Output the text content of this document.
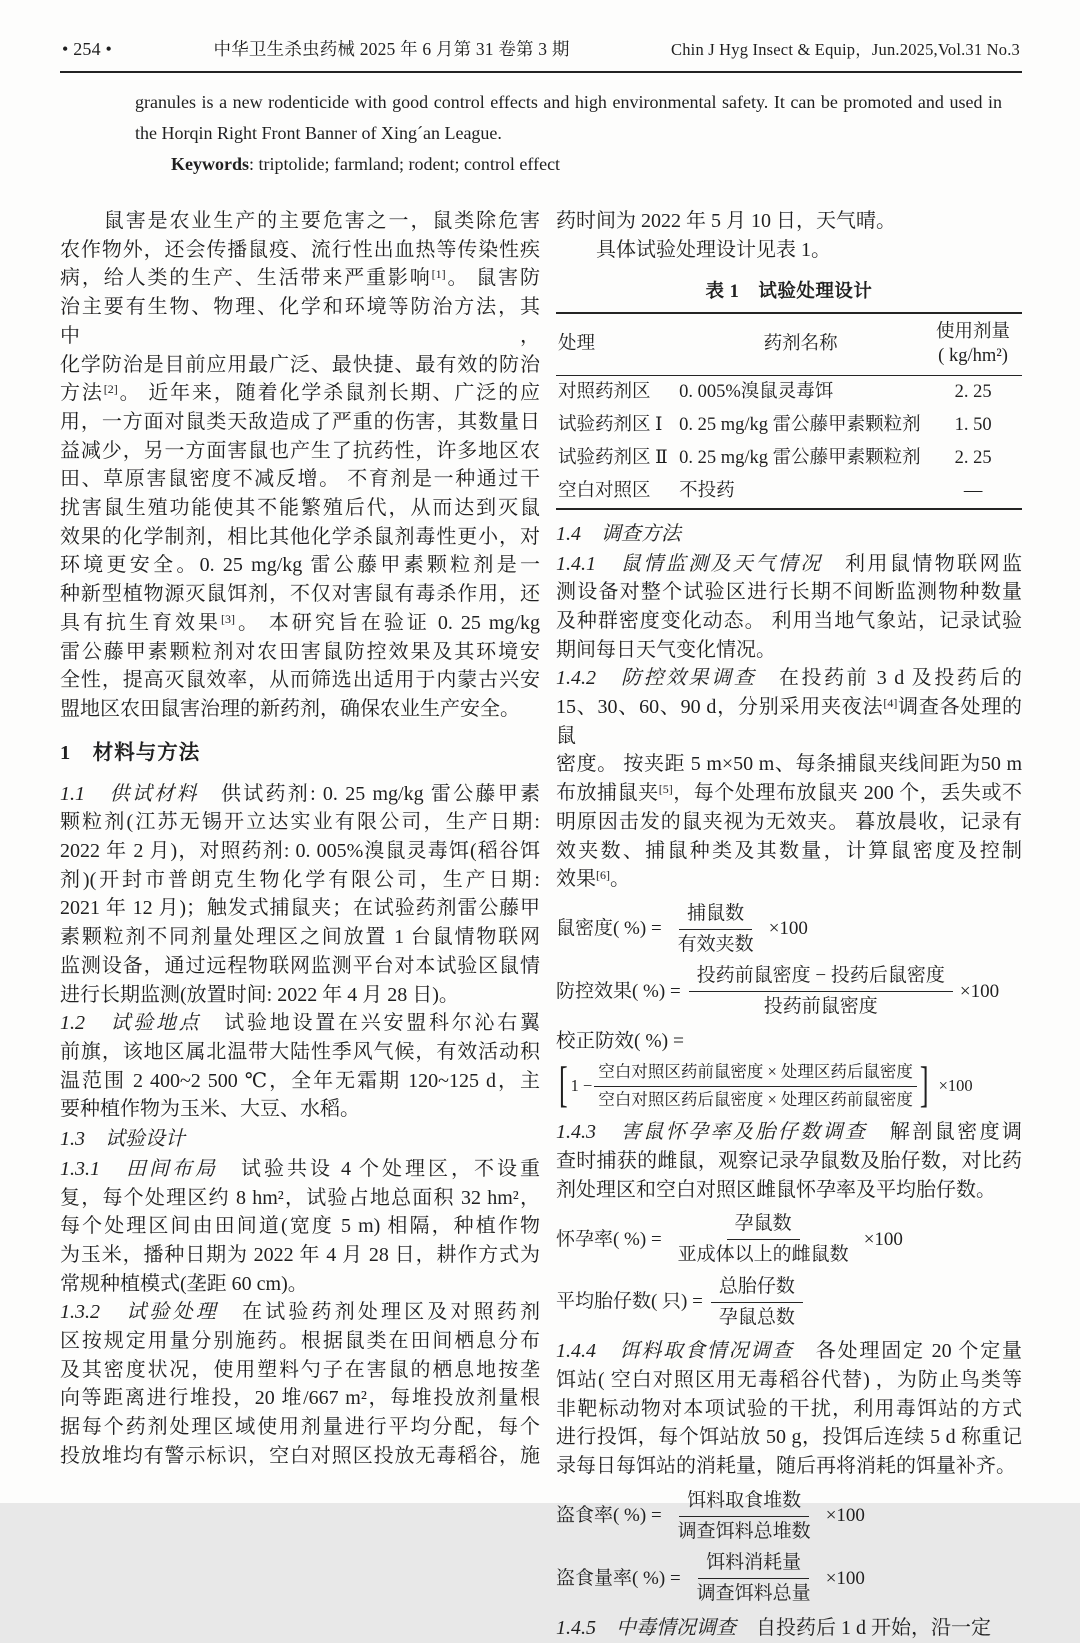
• 254 •	中华卫生杀虫药械 2025 年 6 月第 31 卷第 3 期	Chin J Hyg Insect & Equip，Jun.2025,Vol.31 No.3
granules is a new rodenticide with good control effects and high environmental safety. It can be promoted and used in
the Horqin Right Front Banner of Xing´an League.
　　Keywords: triptolide; farmland; rodent; control effect
　　鼠害是农业生产的主要危害之一，鼠类除危害
农作物外，还会传播鼠疫、流行性出血热等传染性疾
病，给人类的生产、生活带来严重影响[1]。 鼠害防
治主要有生物、物理、化学和环境等防治方法，其中，
化学防治是目前应用最广泛、最快捷、最有效的防治
方法[2]。 近年来，随着化学杀鼠剂长期、广泛的应
用，一方面对鼠类天敌造成了严重的伤害，其数量日
益减少，另一方面害鼠也产生了抗药性，许多地区农
田、草原害鼠密度不减反增。 不育剂是一种通过干
扰害鼠生殖功能使其不能繁殖后代，从而达到灭鼠
效果的化学制剂，相比其他化学杀鼠剂毒性更小，对
环境更安全。0. 25 mg/kg 雷公藤甲素颗粒剂是一
种新型植物源灭鼠饵剂，不仅对害鼠有毒杀作用，还
具有抗生育效果[3]。 本研究旨在验证 0. 25 mg/kg
雷公藤甲素颗粒剂对农田害鼠防控效果及其环境安
全性，提高灭鼠效率，从而筛选出适用于内蒙古兴安
盟地区农田鼠害治理的新药剂，确保农业生产安全。
1　材料与方法
1.1　供试材料　供试药剂: 0. 25 mg/kg 雷公藤甲素
颗粒剂(江苏无锡开立达实业有限公司，生产日期:
2022 年 2 月)，对照药剂: 0. 005%溴鼠灵毒饵(稻谷饵
剂)(开封市普朗克生物化学有限公司，生产日期:
2021 年 12 月)；触发式捕鼠夹；在试验药剂雷公藤甲
素颗粒剂不同剂量处理区之间放置 1 台鼠情物联网
监测设备，通过远程物联网监测平台对本试验区鼠情
进行长期监测(放置时间: 2022 年 4 月 28 日)。
1.2　试验地点　试验地设置在兴安盟科尔沁右翼
前旗，该地区属北温带大陆性季风气候，有效活动积
温范围 2 400~2 500 ℃，全年无霜期 120~125 d，主
要种植作物为玉米、大豆、水稻。
1.3　试验设计
1.3.1　田间布局　试验共设 4 个处理区，不设重
复，每个处理区约 8 hm²，试验占地总面积 32 hm²，
每个处理区间由田间道(宽度 5 m) 相隔，种植作物
为玉米，播种日期为 2022 年 4 月 28 日，耕作方式为
常规种植模式(垄距 60 cm)。
1.3.2　试验处理　在试验药剂处理区及对照药剂
区按规定用量分别施药。根据鼠类在田间栖息分布
及其密度状况，使用塑料勺子在害鼠的栖息地按垄
向等距离进行堆投，20 堆/667 m²，每堆投放剂量根
据每个药剂处理区域使用剂量进行平均分配，每个
投放堆均有警示标识，空白对照区投放无毒稻谷，施
药时间为 2022 年 5 月 10 日，天气晴。
　　具体试验处理设计见表 1。
表 1　试验处理设计
处理	药剂名称	使用剂量
( kg/hm²)
对照药剂区	0. 005%溴鼠灵毒饵	2. 25
试验药剂区 Ⅰ	0. 25 mg/kg 雷公藤甲素颗粒剂	1. 50
试验药剂区 Ⅱ	0. 25 mg/kg 雷公藤甲素颗粒剂	2. 25
空白对照区	不投药	—
1.4　调查方法
1.4.1　鼠情监测及天气情况　利用鼠情物联网监
测设备对整个试验区进行长期不间断监测物种数量
及种群密度变化动态。 利用当地气象站，记录试验
期间每日天气变化情况。
1.4.2　防控效果调查　在投药前 3 d 及投药后的
15、30、60、90 d，分别采用夹夜法[4]调查各处理的鼠
密度。 按夹距 5 m×50 m、每条捕鼠夹线间距为50 m
布放捕鼠夹[5]，每个处理布放鼠夹 200 个，丢失或不
明原因击发的鼠夹视为无效夹。 暮放晨收，记录有
效夹数、捕鼠种类及其数量，计算鼠密度及控制
效果[6]。
鼠密度( %) = $\frac{\text{捕鼠数}}{\text{有效夹数}} \times 100$
防控效果( %) = $\frac{\text{投药前鼠密度 − 投药后鼠密度}}{\text{投药前鼠密度}} \times 100$
校正防效( %) =
[ $1 - \frac{\text{空白对照区药前鼠密度 × 处理区药后鼠密度}}{\text{空白对照区药后鼠密度 × 处理区药前鼠密度}}$ ] ×100
1.4.3　害鼠怀孕率及胎仔数调查　解剖鼠密度调
查时捕获的雌鼠，观察记录孕鼠数及胎仔数，对比药
剂处理区和空白对照区雌鼠怀孕率及平均胎仔数。
怀孕率( %) = $\frac{\text{孕鼠数}}{\text{亚成体以上的雌鼠数}} \times 100$
平均胎仔数( 只) = $\frac{\text{总胎仔数}}{\text{孕鼠总数}}$
1.4.4　饵料取食情况调查　各处理固定 20 个定量
饵站( 空白对照区用无毒稻谷代替) ，为防止鸟类等
非靶标动物对本项试验的干扰，利用毒饵站的方式
进行投饵，每个饵站放 50 g，投饵后连续 5 d 称重记
录每日每饵站的消耗量，随后再将消耗的饵量补齐。
盗食率( %) = $\frac{\text{饵料取食堆数}}{\text{调查饵料总堆数}} \times 100$
盗食量率( %) = $\frac{\text{饵料消耗量}}{\text{调查饵料总量}} \times 100$
1.4.5　中毒情况调查　自投药后 1 d 开始，沿一定
